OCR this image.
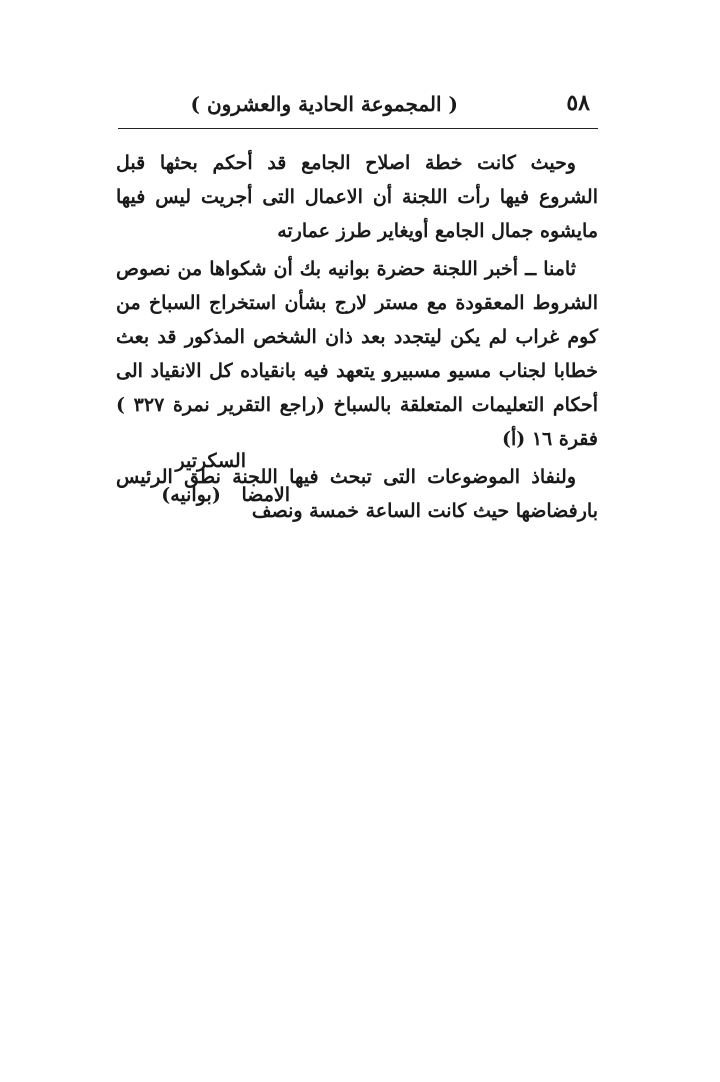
٥٨
( المجموعة الحادية والعشرون )

وحيث كانت خطة اصلاح الجامع قد أحكم بحثها قبل الشروع فيها رأت اللجنة أن الاعمال التى أجريت ليس فيها مايشوه جمال الجامع أويغاير طرز عمارته

ثامنا ــ أخبر اللجنة حضرة بوانيه بك أن شكواها من نصوص الشروط المعقودة مع مستر لارج بشأن استخراج السباخ من كوم غراب لم يكن ليتجدد بعد ذان الشخص المذكور قد بعث خطابا لجناب مسيو مسبيرو يتعهد فيه بانقياده كل الانقياد الى أحكام التعليمات المتعلقة بالسباخ (راجع التقرير نمرة ٣٢٧ ) فقرة ١٦ (أ)

ولنفاذ الموضوعات التى تبحث فيها اللجنة نطق الرئيس بارفضاضها حيث كانت الساعة خمسة ونصف

السكرتير
الامضا (بوانيه)
